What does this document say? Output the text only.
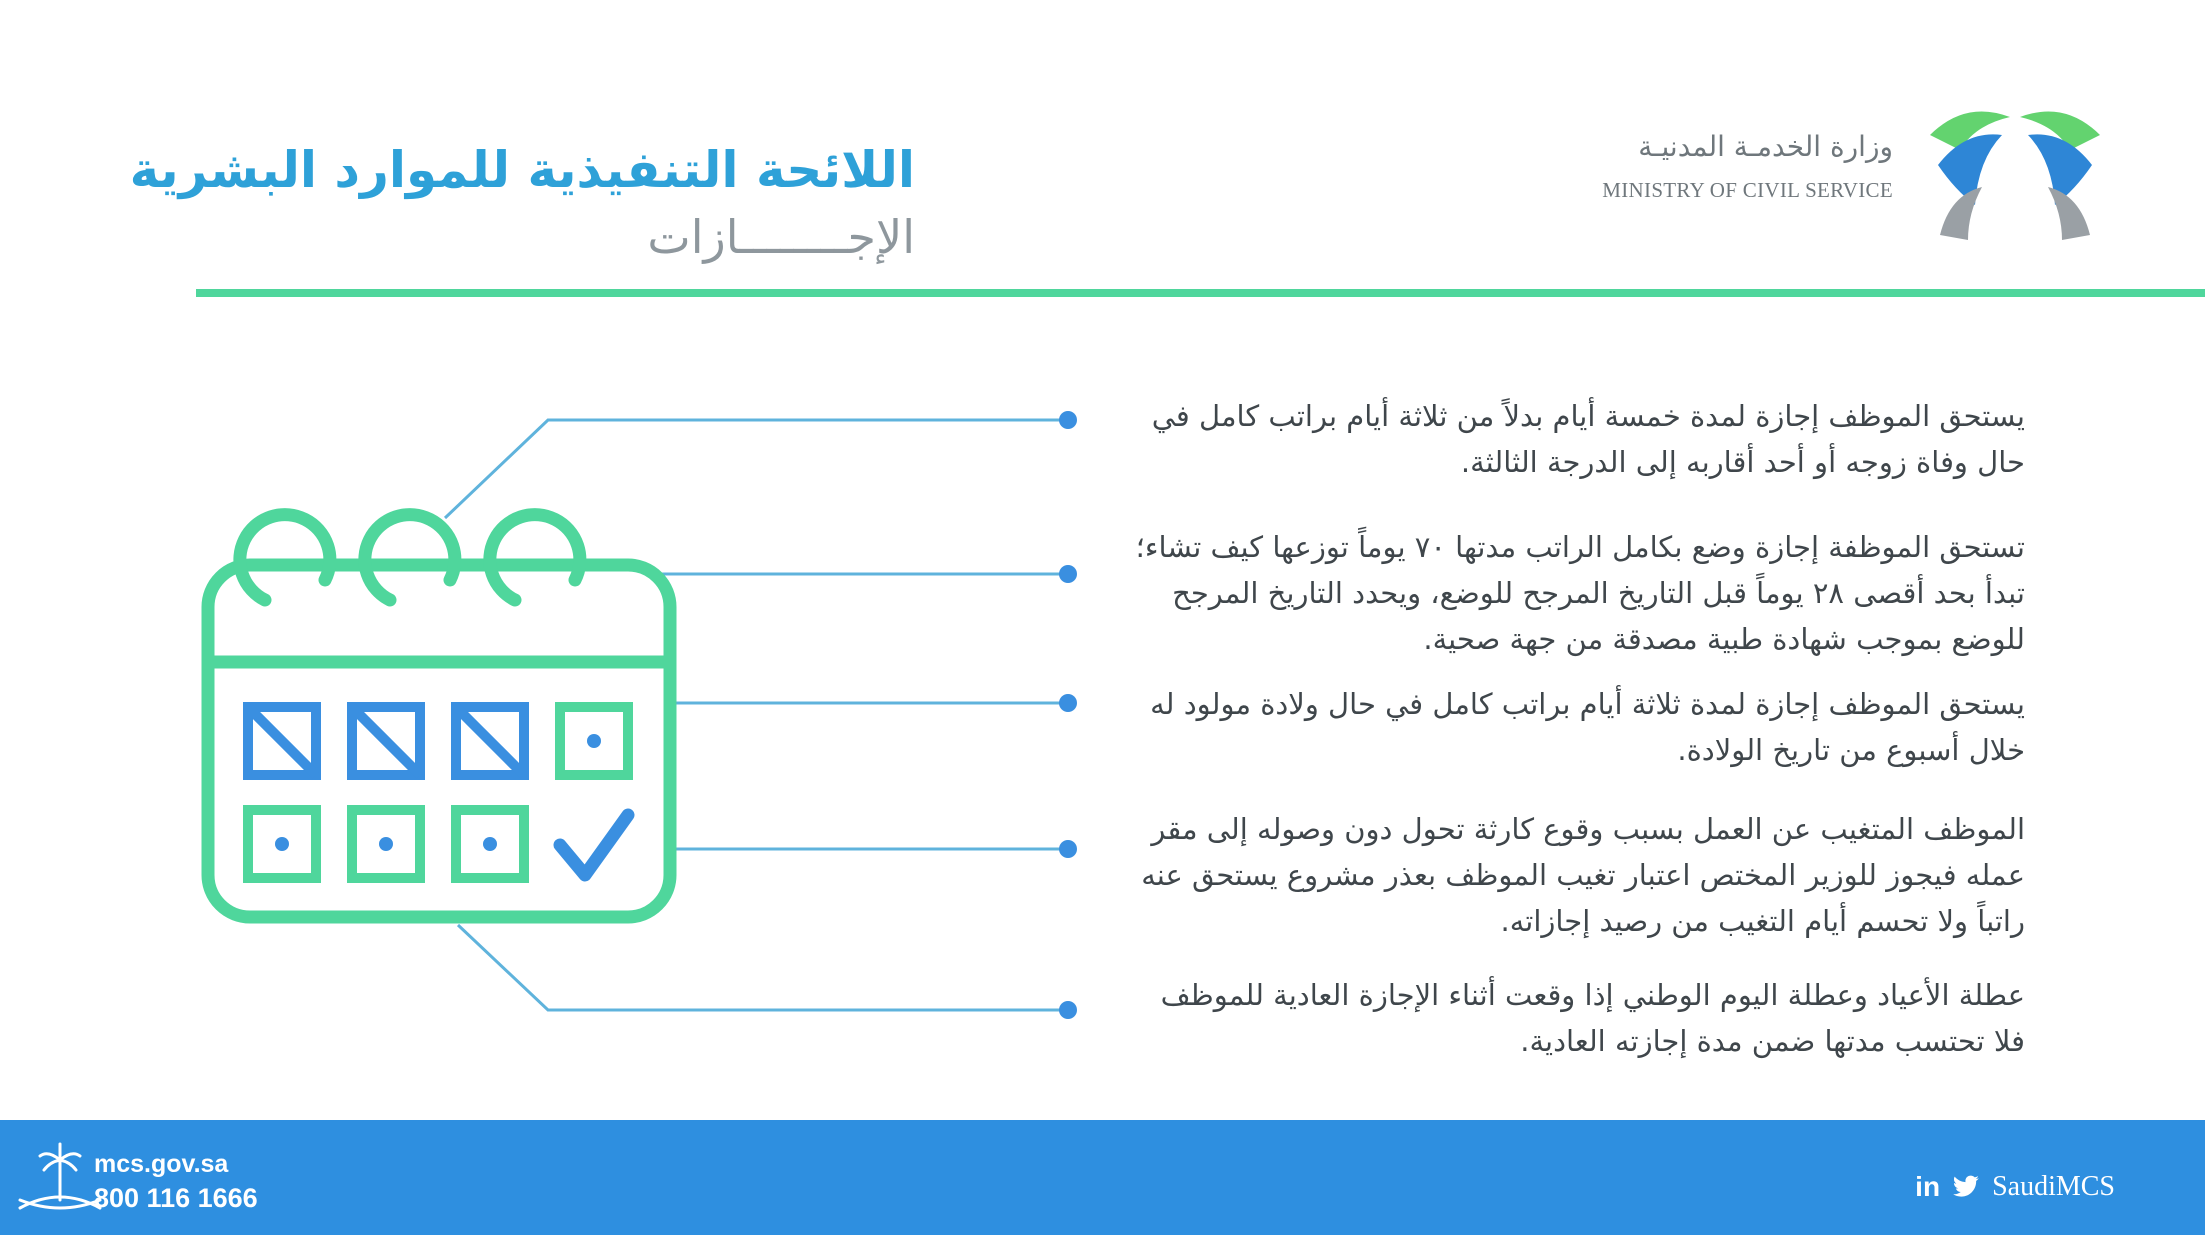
اللائحة التنفيذية للموارد البشرية
الإجــــــــازات
وزارة الخدمـة المدنيـة
MINISTRY OF CIVIL SERVICE
يستحق الموظف إجازة لمدة خمسة أيام بدلاً من ثلاثة أيام براتب كامل في حال وفاة زوجه أو أحد أقاربه إلى الدرجة الثالثة.
تستحق الموظفة إجازة وضع بكامل الراتب مدتها ٧٠ يوماً توزعها كيف تشاء؛ تبدأ بحد أقصى ٢٨ يوماً قبل التاريخ المرجح للوضع، ويحدد التاريخ المرجح للوضع بموجب شهادة طبية مصدقة من جهة صحية.
يستحق الموظف إجازة لمدة ثلاثة أيام براتب كامل في حال ولادة مولود له خلال أسبوع من تاريخ الولادة.
الموظف المتغيب عن العمل بسبب وقوع كارثة تحول دون وصوله إلى مقر عمله فيجوز للوزير المختص اعتبار تغيب الموظف بعذر مشروع يستحق عنه راتباً ولا تحسم أيام التغيب من رصيد إجازاته.
عطلة الأعياد وعطلة اليوم الوطني إذا وقعت أثناء الإجازة العادية للموظف فلا تحتسب مدتها ضمن مدة إجازته العادية.
mcs.gov.sa
800 116 1666	in SaudiMCS
